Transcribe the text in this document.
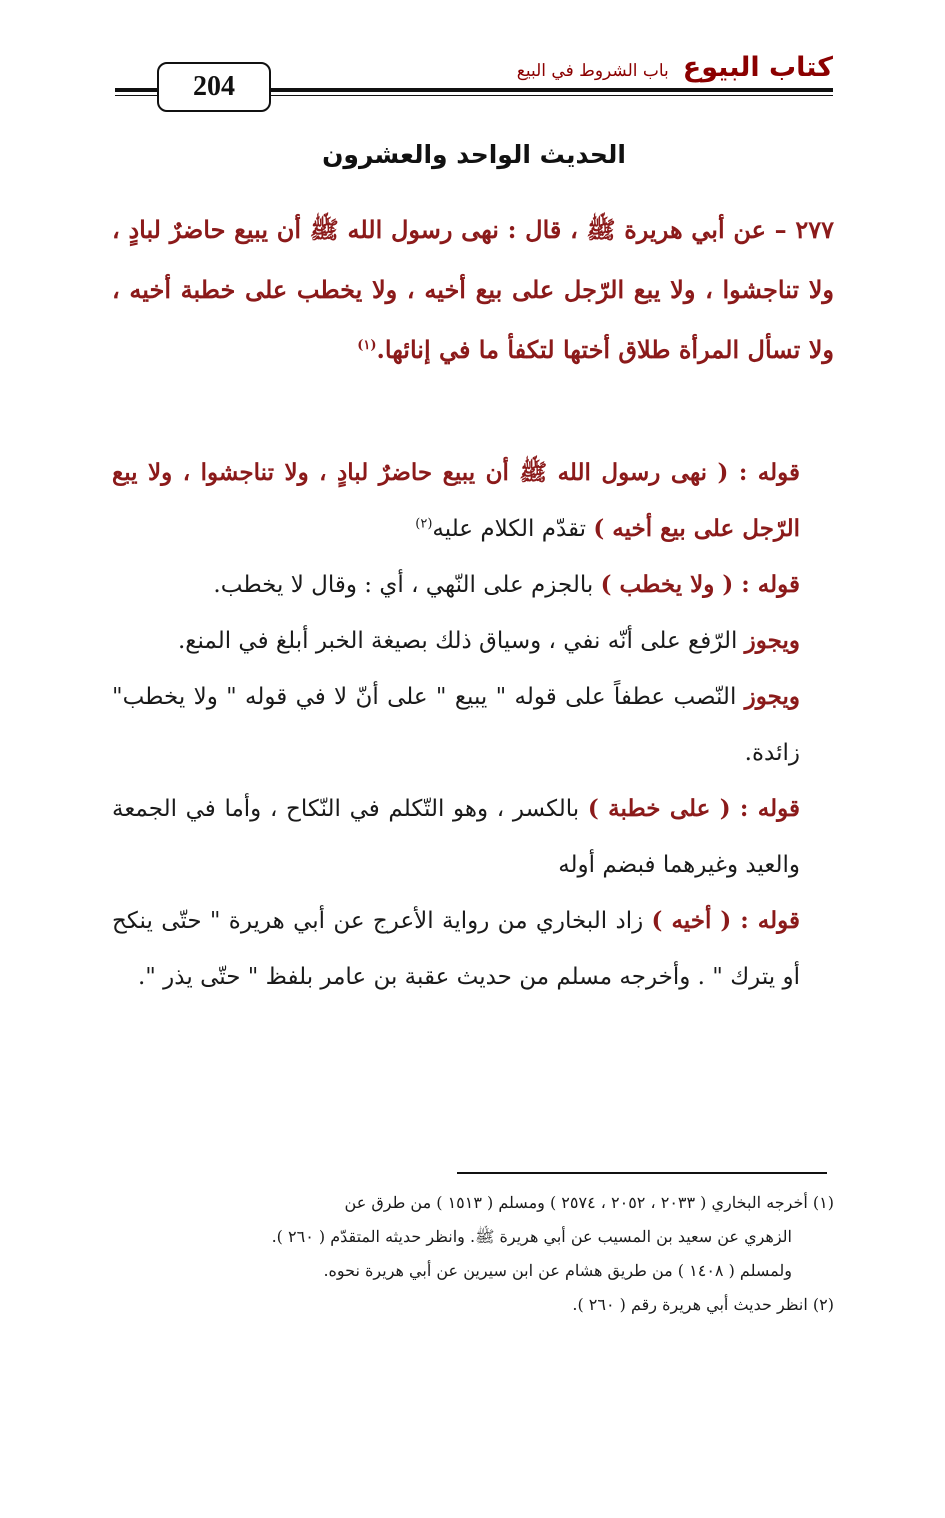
204
كتاب البيوع
باب الشروط في البيع
الحديث الواحد والعشرون
٢٧٧ – عن أبي هريرة ﷺ ، قال : نهى رسول الله ﷺ أن يبيع حاضرٌ لبادٍ ، ولا تناجشوا ، ولا يبع الرّجل على بيع أخيه ، ولا يخطب على خطبة أخيه ، ولا تسأل المرأة طلاق أختها لتكفأ ما في إنائها.$^{(١)}$

قوله : ( نهى رسول الله ﷺ أن يبيع حاضرٌ لبادٍ ، ولا تناجشوا ، ولا يبع الرّجل على بيع أخيه ) تقدّم الكلام عليه$^{(٢)}$

قوله : ( ولا يخطب ) بالجزم على النّهي ، أي : وقال لا يخطب.

ويجوز الرّفع على أنّه نفي ، وسياق ذلك بصيغة الخبر أبلغ في المنع.

ويجوز النّصب عطفاً على قوله " يبيع " على أنّ لا في قوله " ولا يخطب" زائدة.

قوله : ( على خطبة ) بالكسر ، وهو التّكلم في النّكاح ، وأما في الجمعة والعيد وغيرهما فبضم أوله

قوله : ( أخيه ) زاد البخاري من رواية الأعرج عن أبي هريرة " حتّى ينكح أو يترك " . وأخرجه مسلم من حديث عقبة بن عامر بلفظ " حتّى يذر ".

(١) أخرجه البخاري ( ٢٠٣٣ ، ٢٠٥٢ ، ٢٥٧٤ ) ومسلم ( ١٥١٣ ) من طرق عن

الزهري عن سعيد بن المسيب عن أبي هريرة ﷺ. وانظر حديثه المتقدّم ( ٢٦٠ ).

ولمسلم ( ١٤٠٨ ) من طريق هشام عن ابن سيرين عن أبي هريرة نحوه.

(٢) انظر حديث أبي هريرة رقم ( ٢٦٠ ).
